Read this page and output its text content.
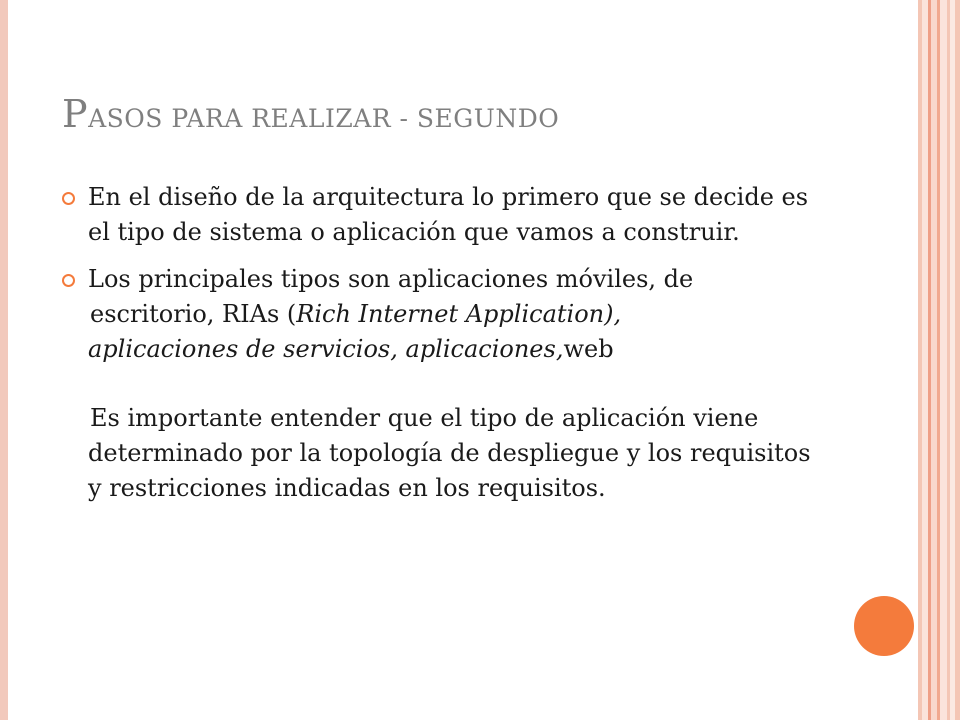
PASOS PARA REALIZAR - SEGUNDO

En el diseño de la arquitectura lo primero que se decide es el tipo de sistema o aplicación que vamos a construir.

Los principales tipos son aplicaciones móviles, de

escritorio, RIAs (Rich Internet Application),
aplicaciones de servicios, aplicaciones,web

Es importante entender que el tipo de aplicación viene determinado por la topología de despliegue y los requisitos y restricciones indicadas en los requisitos.
